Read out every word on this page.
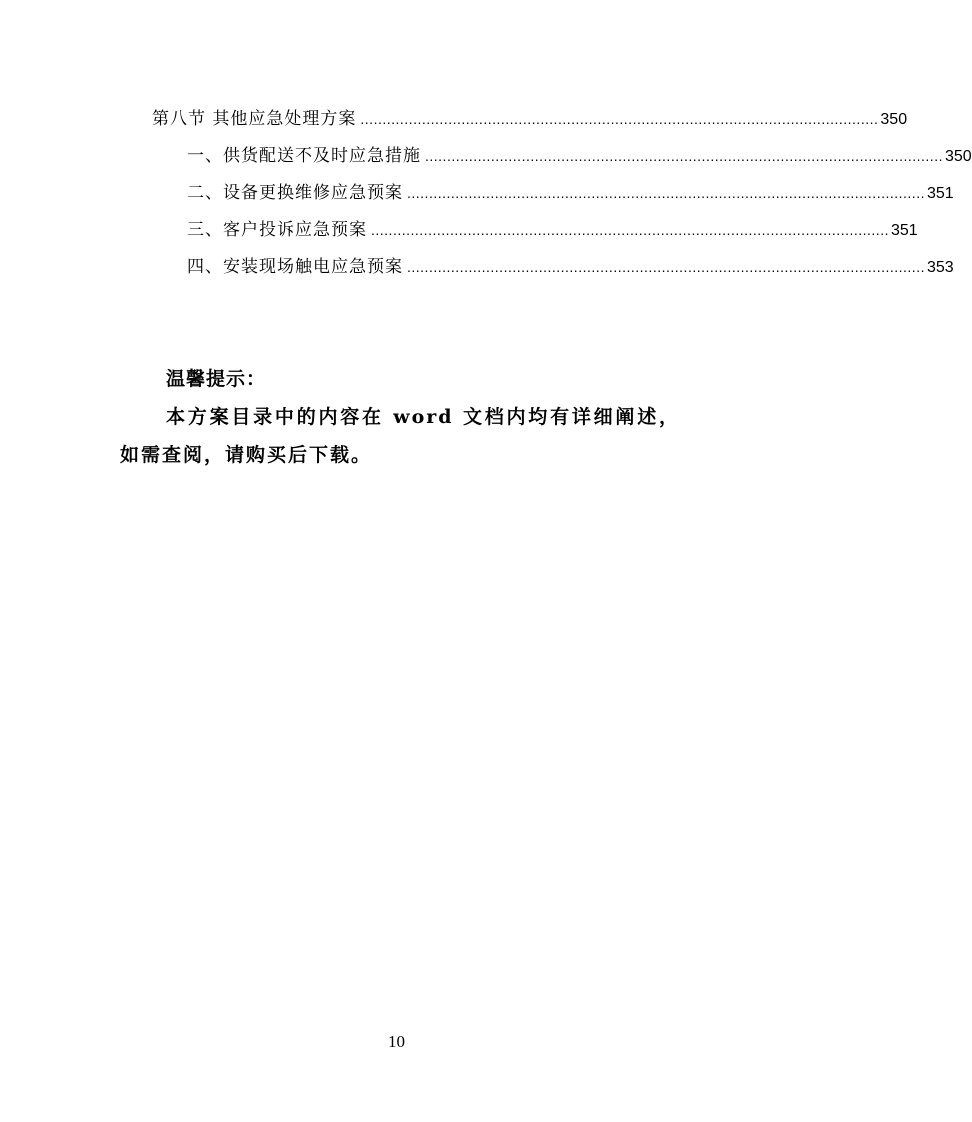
第八节 其他应急处理方案 ...................................................................................................................... 350
一、供货配送不及时应急措施 ...................................................................................................................... 350
二、设备更换维修应急预案 ...................................................................................................................... 351
三、客户投诉应急预案 ...................................................................................................................... 351
四、安装现场触电应急预案 ...................................................................................................................... 353
温馨提示：
本方案目录中的内容在 word 文档内均有详细阐述，如需查阅，请购买后下载。
10
